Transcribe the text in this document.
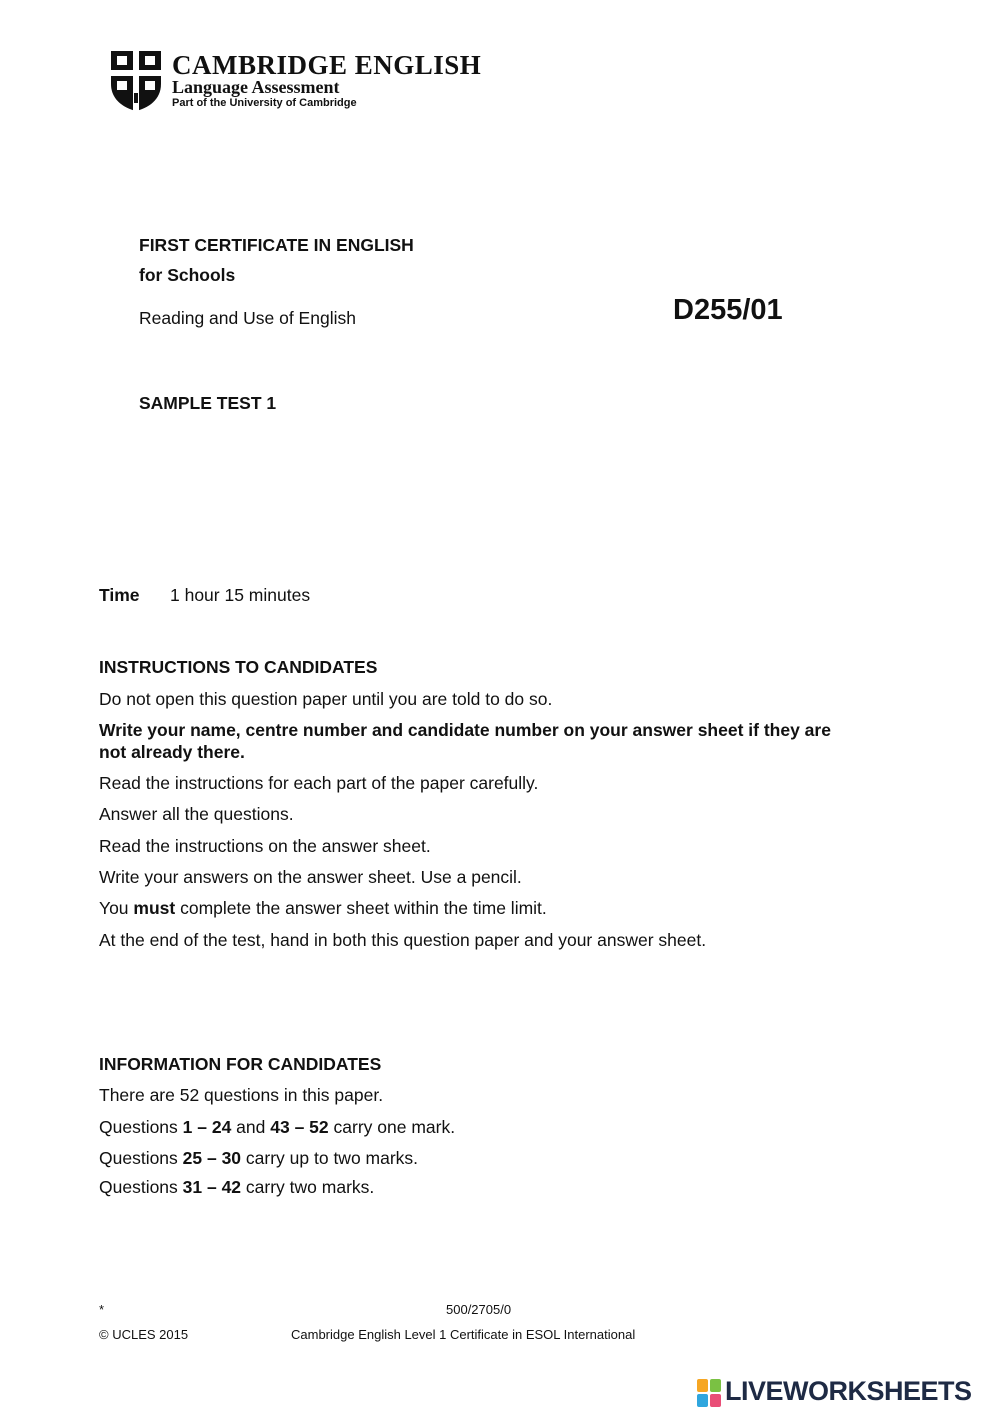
CAMBRIDGE ENGLISH
Language Assessment
Part of the University of Cambridge
FIRST CERTIFICATE IN ENGLISH
for Schools
Reading and Use of English	D255/01
SAMPLE TEST 1
Time 1 hour 15 minutes
INSTRUCTIONS TO CANDIDATES

Do not open this question paper until you are told to do so.

Write your name, centre number and candidate number on your answer sheet if they are

not already there.

Read the instructions for each part of the paper carefully.

Answer all the questions.

Read the instructions on the answer sheet.

Write your answers on the answer sheet. Use a pencil.

You must complete the answer sheet within the time limit.

At the end of the test, hand in both this question paper and your answer sheet.

INFORMATION FOR CANDIDATES

There are 52 questions in this paper.

Questions 1 – 24 and 43 – 52 carry one mark.

Questions 25 – 30 carry up to two marks.

Questions 31 – 42 carry two marks.

*	500/2705/0
© UCLES 2015	Cambridge English Level 1 Certificate in ESOL International
LIVEWORKSHEETS
